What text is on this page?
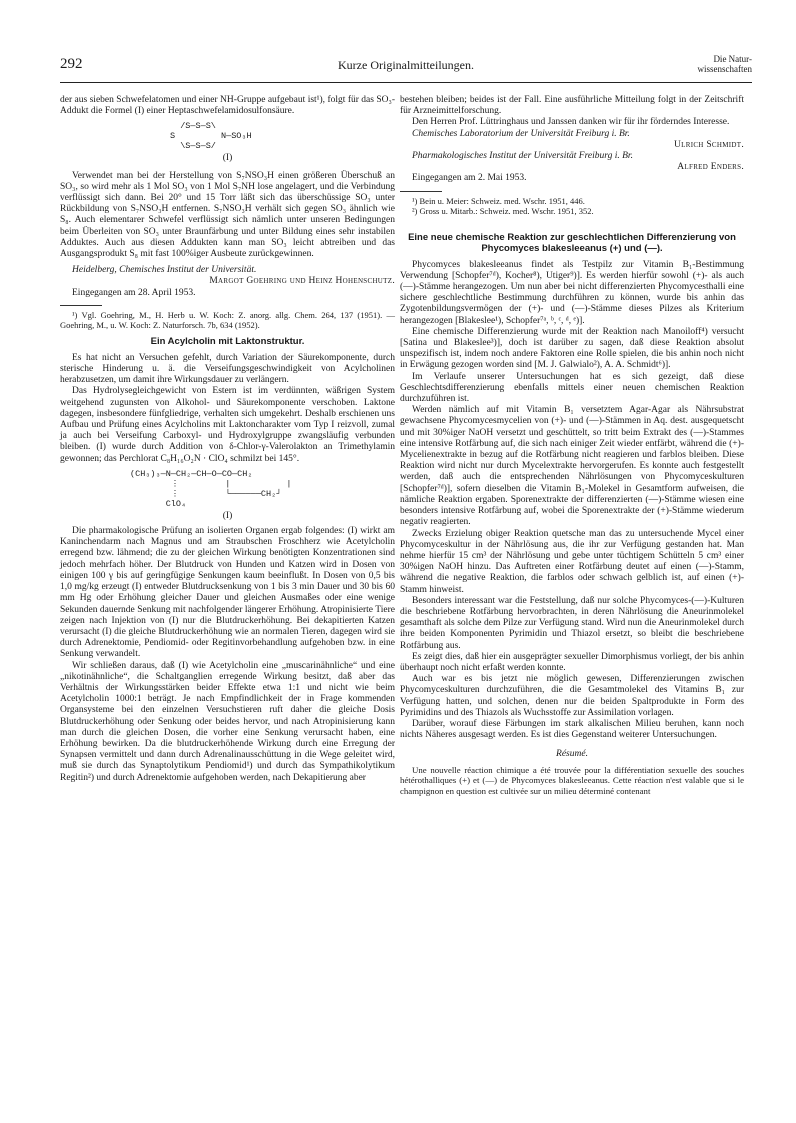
292	Kurze Originalmitteilungen.	Die Natur-
wissenschaften

der aus sieben Schwefelatomen und einer NH-Gruppe aufgebaut ist¹), folgt für das SO₃-Addukt die Formel (I) einer Heptaschwefelamidosulfonsäure.

/S—S—S\
S         N—SO₃H
\S—S—S/
(I)

Verwendet man bei der Herstellung von S₇NSO₃H einen größeren Überschuß an SO₃, so wird mehr als 1 Mol SO₃ von 1 Mol S₇NH lose angelagert, und die Verbindung verflüssigt sich dann. Bei 20° und 15 Torr läßt sich das überschüssige SO₃ unter Rückbildung von S₇NSO₃H entfernen. S₇NSO₃H verhält sich gegen SO₃ ähnlich wie S₈. Auch elementarer Schwefel verflüssigt sich nämlich unter unseren Bedingungen beim Überleiten von SO₃ unter Braunfärbung und unter Bildung eines sehr instabilen Adduktes. Auch aus diesen Addukten kann man SO₃ leicht abtreiben und das Ausgangsprodukt S₈ mit fast 100%iger Ausbeute zurückgewinnen.

Heidelberg, Chemisches Institut der Universität.

Margot Goehring und Heinz Hohenschutz.

Eingegangen am 28. April 1953.

¹) Vgl. Goehring, M., H. Herb u. W. Koch: Z. anorg. allg. Chem. 264, 137 (1951). — Goehring, M., u. W. Koch: Z. Naturforsch. 7b, 634 (1952).

Ein Acylcholin mit Laktonstruktur.

Es hat nicht an Versuchen gefehlt, durch Variation der Säurekomponente, durch sterische Hinderung u. ä. die Verseifungsgeschwindigkeit von Acylcholinen herabzusetzen, um damit ihre Wirkungsdauer zu verlängern.

Das Hydrolysegleichgewicht von Estern ist im verdünnten, wäßrigen System weitgehend zugunsten von Alkohol- und Säurekomponente verschoben. Laktone dagegen, insbesondere fünfgliedrige, verhalten sich umgekehrt. Deshalb erschienen uns Aufbau und Prüfung eines Acylcholins mit Laktoncharakter vom Typ I reizvoll, zumal ja auch bei Verseifung Carboxyl- und Hydroxylgruppe zwangsläufig verbunden bleiben. (I) wurde durch Addition von δ-Chlor-γ-Valerolakton an Trimethylamin gewonnen; das Perchlorat C₈H₁₆O₂N · ClO₄ schmilzt bei 145°.

(CH₃)₃—N—CH₂—CH—O—CO—CH₂
⋮         |           |
⋮         └──────CH₂┘
ClO₄
(I)

Die pharmakologische Prüfung an isolierten Organen ergab folgendes: (I) wirkt am Kaninchendarm nach Magnus und am Straubschen Froschherz wie Acetylcholin erregend bzw. lähmend; die zu der gleichen Wirkung benötigten Konzentrationen sind jedoch mehrfach höher. Der Blutdruck von Hunden und Katzen wird in Dosen von einigen 100 γ bis auf geringfügige Senkungen kaum beeinflußt. In Dosen von 0,5 bis 1,0 mg/kg erzeugt (I) entweder Blutdrucksenkung von 1 bis 3 min Dauer und 30 bis 60 mm Hg oder Erhöhung gleicher Dauer und gleichen Ausmaßes oder eine wenige Sekunden dauernde Senkung mit nachfolgender längerer Erhöhung. Atropinisierte Tiere zeigen nach Injektion von (I) nur die Blutdruckerhöhung. Bei dekapitierten Katzen verursacht (I) die gleiche Blutdruckerhöhung wie an normalen Tieren, dagegen wird sie durch Adrenektomie, Pendiomid- oder Regitinvorbehandlung aufgehoben bzw. in eine Senkung verwandelt.

Wir schließen daraus, daß (I) wie Acetylcholin eine „muscarinähnliche“ und eine „nikotinähnliche“, die Schaltganglien erregende Wirkung besitzt, daß aber das Verhältnis der Wirkungsstärken beider Effekte etwa 1:1 und nicht wie beim Acetylcholin 1000:1 beträgt. Je nach Empfindlichkeit der in Frage kommenden Organsysteme bei den einzelnen Versuchstieren ruft daher die gleiche Dosis Blutdruckerhöhung oder Senkung oder beides hervor, und nach Atropinisierung kann man durch die gleichen Dosen, die vorher eine Senkung verursacht haben, eine Erhöhung bewirken. Da die blutdruckerhöhende Wirkung durch eine Erregung der Synapsen vermittelt und dann durch Adrenalinausschüttung in die Wege geleitet wird, muß sie durch das Synaptolytikum Pendiomid¹) und durch das Sympathikolytikum Regitin²) und durch Adrenektomie aufgehoben werden, nach Dekapitierung aber

bestehen bleiben; beides ist der Fall. Eine ausführliche Mitteilung folgt in der Zeitschrift für Arzneimittelforschung.

Den Herren Prof. Lüttringhaus und Janssen danken wir für ihr förderndes Interesse.

Chemisches Laboratorium der Universität Freiburg i. Br.

Ulrich Schmidt.

Pharmakologisches Institut der Universität Freiburg i. Br.

Alfred Enders.

Eingegangen am 2. Mai 1953.

¹) Bein u. Meier: Schweiz. med. Wschr. 1951, 446.

²) Gross u. Mitarb.: Schweiz. med. Wschr. 1951, 352.

Eine neue chemische Reaktion zur geschlechtlichen Differenzierung von Phycomyces blakesleeanus (+) und (—).

Phycomyces blakesleeanus findet als Testpilz zur Vitamin B₁-Bestimmung Verwendung [Schopfer⁷ᵈ), Kocher⁸), Utiger⁹)]. Es werden hierfür sowohl (+)- als auch (—)-Stämme herangezogen. Um nun aber bei nicht differenzierten Phycomycesthalli eine sichere geschlechtliche Bestimmung durchführen zu können, wurde bis anhin das Zygotenbildungsvermögen der (+)- und (—)-Stämme dieses Pilzes als Kriterium herangezogen [Blakeslee¹), Schopfer⁷ᵃ, ᵇ, ᶜ, ᵈ, ᵉ)].

Eine chemische Differenzierung wurde mit der Reaktion nach Manoiloff⁴) versucht [Satina und Blakeslee³)], doch ist darüber zu sagen, daß diese Reaktion absolut unspezifisch ist, indem noch andere Faktoren eine Rolle spielen, die bis anhin noch nicht in Erwägung gezogen worden sind [M. J. Galwialo²), A. A. Schmidt⁶)].

Im Verlaufe unserer Untersuchungen hat es sich gezeigt, daß diese Geschlechtsdifferenzierung ebenfalls mittels einer neuen chemischen Reaktion durchzuführen ist.

Werden nämlich auf mit Vitamin B₁ versetztem Agar-Agar als Nährsubstrat gewachsene Phycomycesmycelien von (+)- und (—)-Stämmen in Aq. dest. ausgequetscht und mit 30%iger NaOH versetzt und geschüttelt, so tritt beim Extrakt des (—)-Stammes eine intensive Rotfärbung auf, die sich nach einiger Zeit wieder entfärbt, während die (+)-Mycelienextrakte in bezug auf die Rotfärbung nicht reagieren und farblos bleiben. Diese Reaktion wird nicht nur durch Mycelextrakte hervorgerufen. Es konnte auch festgestellt werden, daß auch die entsprechenden Nährlösungen von Phycomyceskulturen [Schopfer⁷ᵈ)], sofern dieselben die Vitamin B₁-Molekel in Gesamtform aufweisen, die nämliche Reaktion ergaben. Sporenextrakte der differenzierten (—)-Stämme wiesen eine besonders intensive Rotfärbung auf, wobei die Sporenextrakte der (+)-Stämme wiederum negativ reagierten.

Zwecks Erzielung obiger Reaktion quetsche man das zu untersuchende Mycel einer Phycomyceskultur in der Nährlösung aus, die ihr zur Verfügung gestanden hat. Man nehme hierfür 15 cm³ der Nährlösung und gebe unter tüchtigem Schütteln 5 cm³ einer 30%igen NaOH hinzu. Das Auftreten einer Rotfärbung deutet auf einen (—)-Stamm, während die negative Reaktion, die farblos oder schwach gelblich ist, auf einen (+)-Stamm hinweist.

Besonders interessant war die Feststellung, daß nur solche Phycomyces-(—)-Kulturen die beschriebene Rotfärbung hervorbrachten, in deren Nährlösung die Aneurinmolekel gesamthaft als solche dem Pilze zur Verfügung stand. Wird nun die Aneurinmolekel durch ihre beiden Komponenten Pyrimidin und Thiazol ersetzt, so bleibt die beschriebene Rotfärbung aus.

Es zeigt dies, daß hier ein ausgeprägter sexueller Dimorphismus vorliegt, der bis anhin überhaupt noch nicht erfaßt werden konnte.

Auch war es bis jetzt nie möglich gewesen, Differenzierungen zwischen Phycomyceskulturen durchzuführen, die die Gesamtmolekel des Vitamins B₁ zur Verfügung hatten, und solchen, denen nur die beiden Spaltprodukte in Form des Pyrimidins und des Thiazols als Wuchsstoffe zur Assimilation vorlagen.

Darüber, worauf diese Färbungen im stark alkalischen Milieu beruhen, kann noch nichts Näheres ausgesagt werden. Es ist dies Gegenstand weiterer Untersuchungen.

Résumé.

Une nouvelle réaction chimique a été trouvée pour la différentiation sexuelle des souches hétérothalliques (+) et (—) de Phycomyces blakesleeanus. Cette réaction n'est valable que si le champignon en question est cultivée sur un milieu déterminé contenant
